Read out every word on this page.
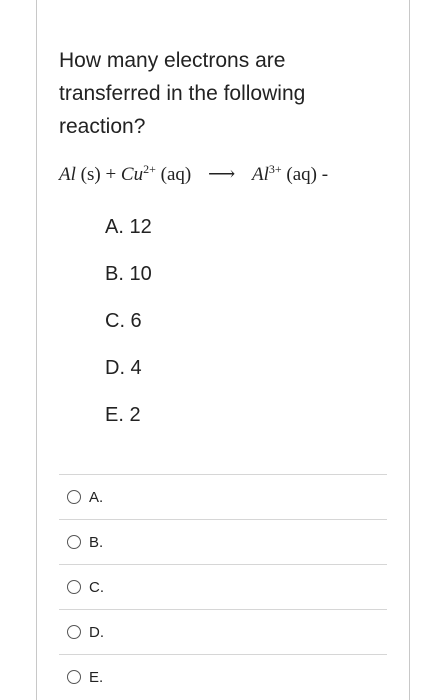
How many electrons are transferred in the following reaction?
Al $(s) + Cu^{2+}$ (aq) ⟶ $Al^{3+}$ (aq) -
A. 12
B. 10
C. 6
D. 4
E. 2
A.
B.
C.
D.
E.
